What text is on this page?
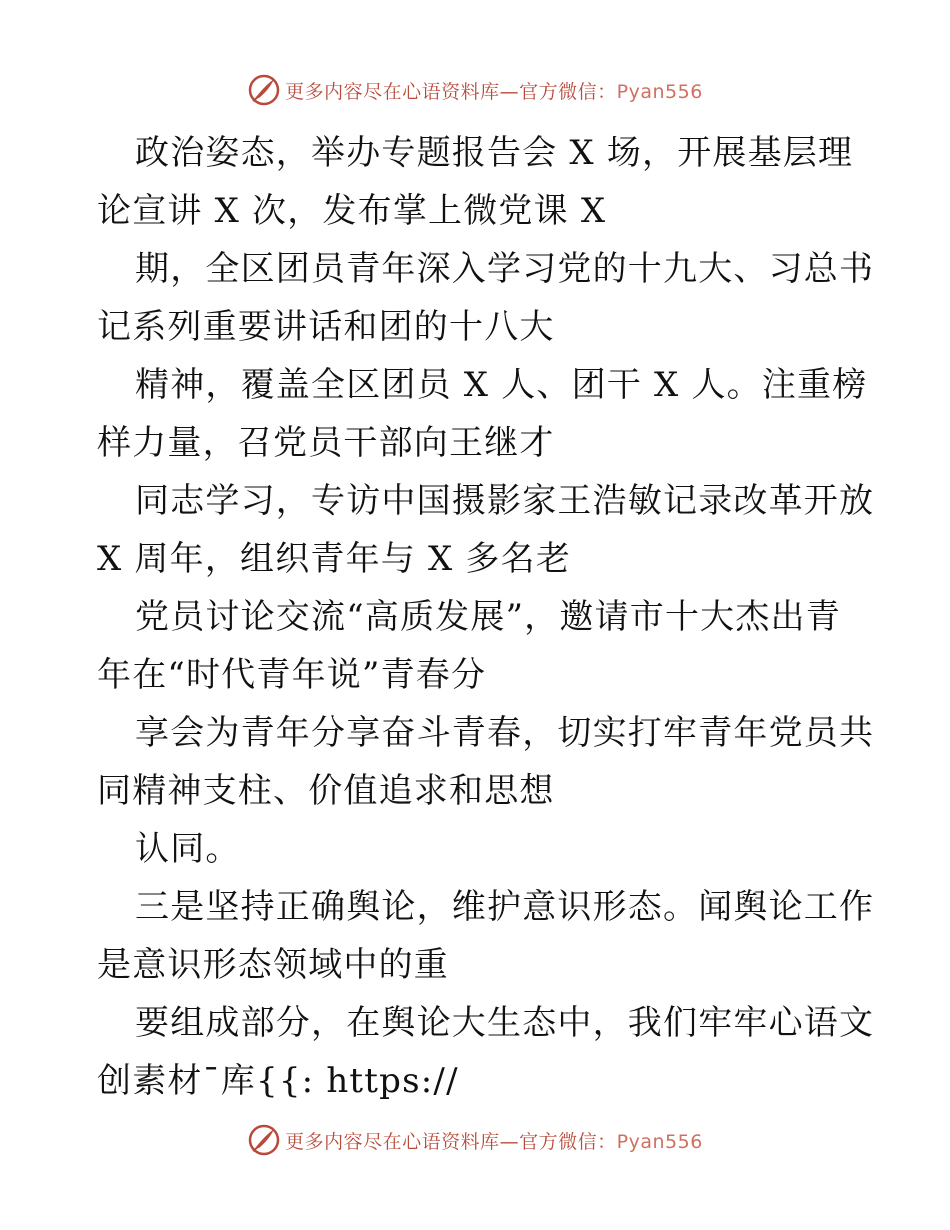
更多内容尽在心语资料库—官方微信：Pyan556
政治姿态，举办专题报告会 X 场，开展基层理
论宣讲 X 次，发布掌上微党课 X
期，全区团员青年深入学习党的十九大、习总书
记系列重要讲话和团的十八大
精神，覆盖全区团员 X 人、团干 X 人。注重榜
样力量，召党员干部向王继才
同志学习，专访中国摄影家王浩敏记录改革开放
X 周年，组织青年与 X 多名老
党员讨论交流“高质发展”，邀请市十大杰出青
年在“时代青年说”青春分
享会为青年分享奋斗青春，切实打牢青年党员共
同精神支柱、价值追求和思想
认同。
三是坚持正确舆论，维护意识形态。闻舆论工作
是意识形态领域中的重
要组成部分，在舆论大生态中，我们牢牢心语文
创素材¯库{{: https://
更多内容尽在心语资料库—官方微信：Pyan556
